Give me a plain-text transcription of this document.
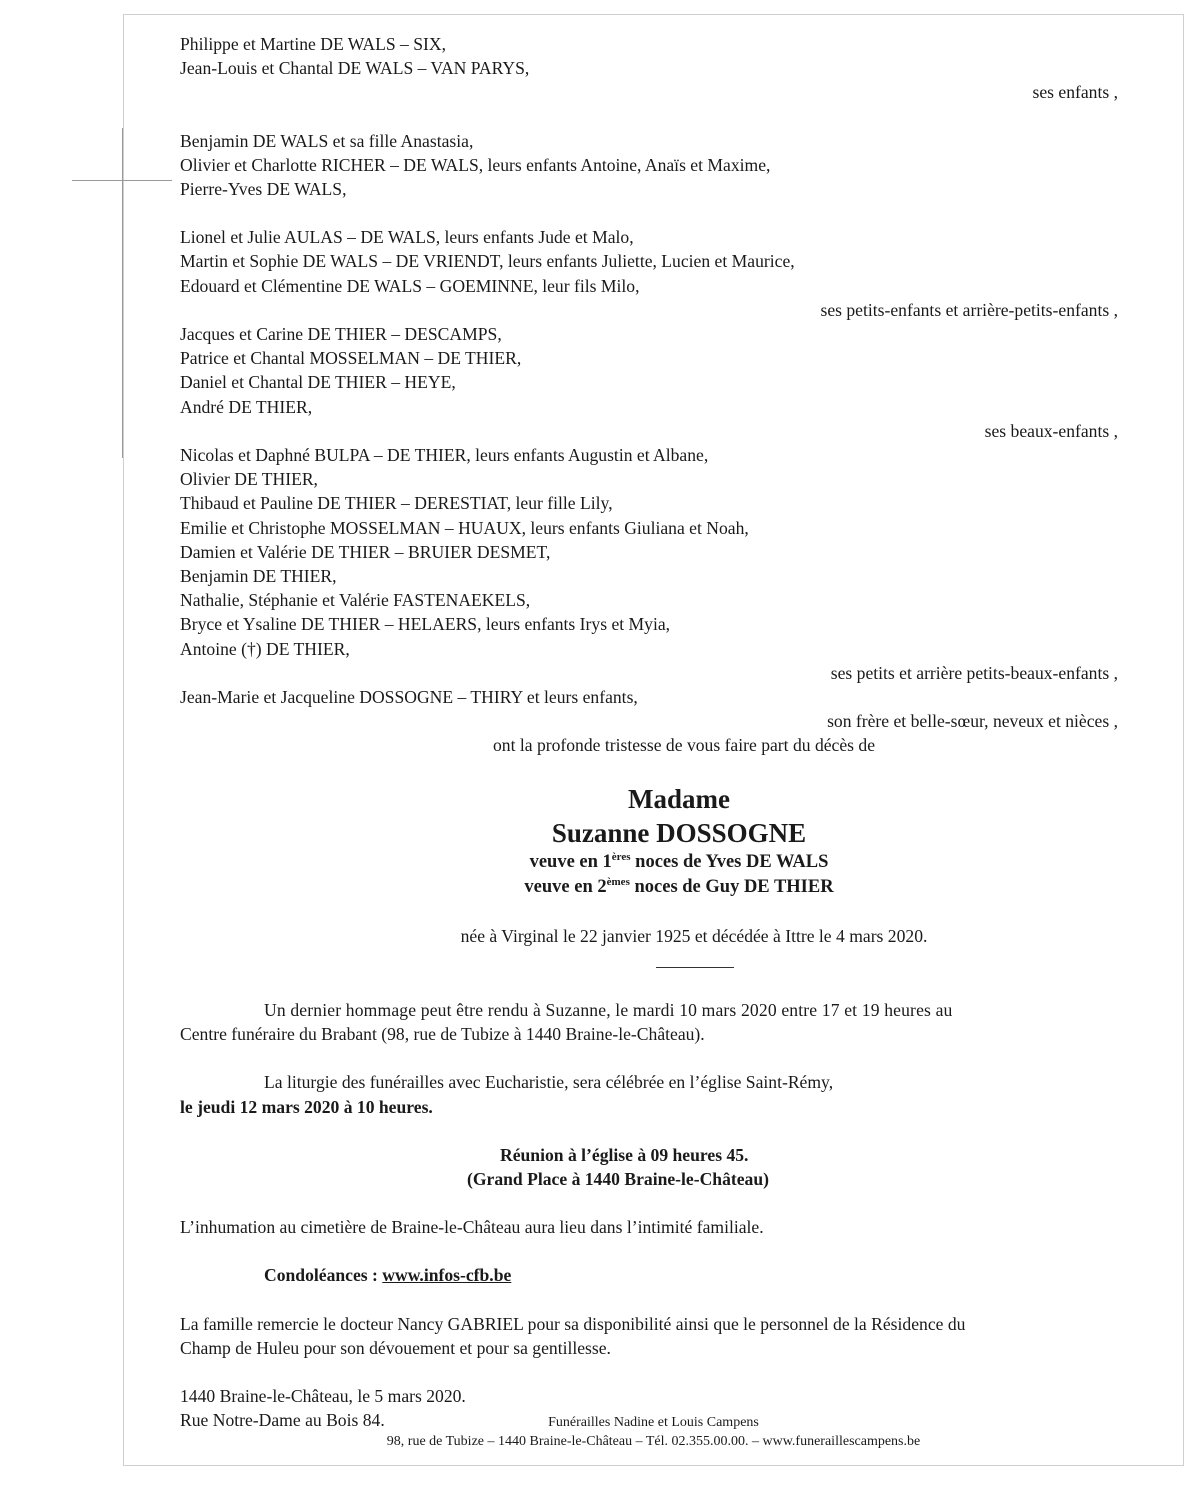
Philippe et Martine DE WALS – SIX,
Jean-Louis et Chantal DE WALS – VAN PARYS,
ses enfants ,
Benjamin DE WALS et sa fille Anastasia,
Olivier et Charlotte RICHER – DE WALS, leurs enfants Antoine, Anaïs et Maxime,
Pierre-Yves DE WALS,
Lionel et Julie AULAS – DE WALS, leurs enfants Jude et Malo,
Martin et Sophie DE WALS – DE VRIENDT, leurs enfants Juliette, Lucien et Maurice,
Edouard et Clémentine DE WALS – GOEMINNE, leur fils Milo,
ses petits-enfants et arrière-petits-enfants ,
Jacques et Carine DE THIER – DESCAMPS,
Patrice et Chantal MOSSELMAN – DE THIER,
Daniel et Chantal DE THIER – HEYE,
André DE THIER,
ses beaux-enfants ,
Nicolas et Daphné BULPA – DE THIER, leurs enfants Augustin et Albane,
Olivier DE THIER,
Thibaud et Pauline DE THIER – DERESTIAT, leur fille Lily,
Emilie et Christophe MOSSELMAN – HUAUX, leurs enfants Giuliana et Noah,
Damien et Valérie DE THIER – BRUIER DESMET,
Benjamin DE THIER,
Nathalie, Stéphanie et Valérie FASTENAEKELS,
Bryce et Ysaline DE THIER – HELAERS, leurs enfants Irys et Myia,
Antoine (†) DE THIER,
ses petits et arrière petits-beaux-enfants ,
Jean-Marie et Jacqueline DOSSOGNE – THIRY et leurs enfants,
son frère et belle-sœur, neveux et nièces ,
ont la profonde tristesse de vous faire part du décès de
Madame
Suzanne DOSSOGNE
veuve en 1ères noces de Yves DE WALS
veuve en 2èmes noces de Guy DE THIER
née à Virginal le 22 janvier 1925 et décédée à Ittre le 4 mars 2020.
Un dernier hommage peut être rendu à Suzanne, le mardi 10 mars 2020 entre 17 et 19 heures au
Centre funéraire du Brabant (98, rue de Tubize à 1440 Braine-le-Château).
La liturgie des funérailles avec Eucharistie, sera célébrée en l’église Saint-Rémy,
le jeudi 12 mars 2020 à 10 heures.
Réunion à l’église à 09 heures 45.
(Grand Place à 1440 Braine-le-Château)
L’inhumation au cimetière de Braine-le-Château aura lieu dans l’intimité familiale.
Condoléances : www.infos-cfb.be
La famille remercie le docteur Nancy GABRIEL pour sa disponibilité ainsi que le personnel de la Résidence du
Champ de Huleu pour son dévouement et pour sa gentillesse.
1440 Braine-le-Château, le 5 mars 2020.
Rue Notre-Dame au Bois 84.	Funérailles Nadine et Louis Campens
98, rue de Tubize – 1440 Braine-le-Château – Tél. 02.355.00.00. – www.funeraillescampens.be
